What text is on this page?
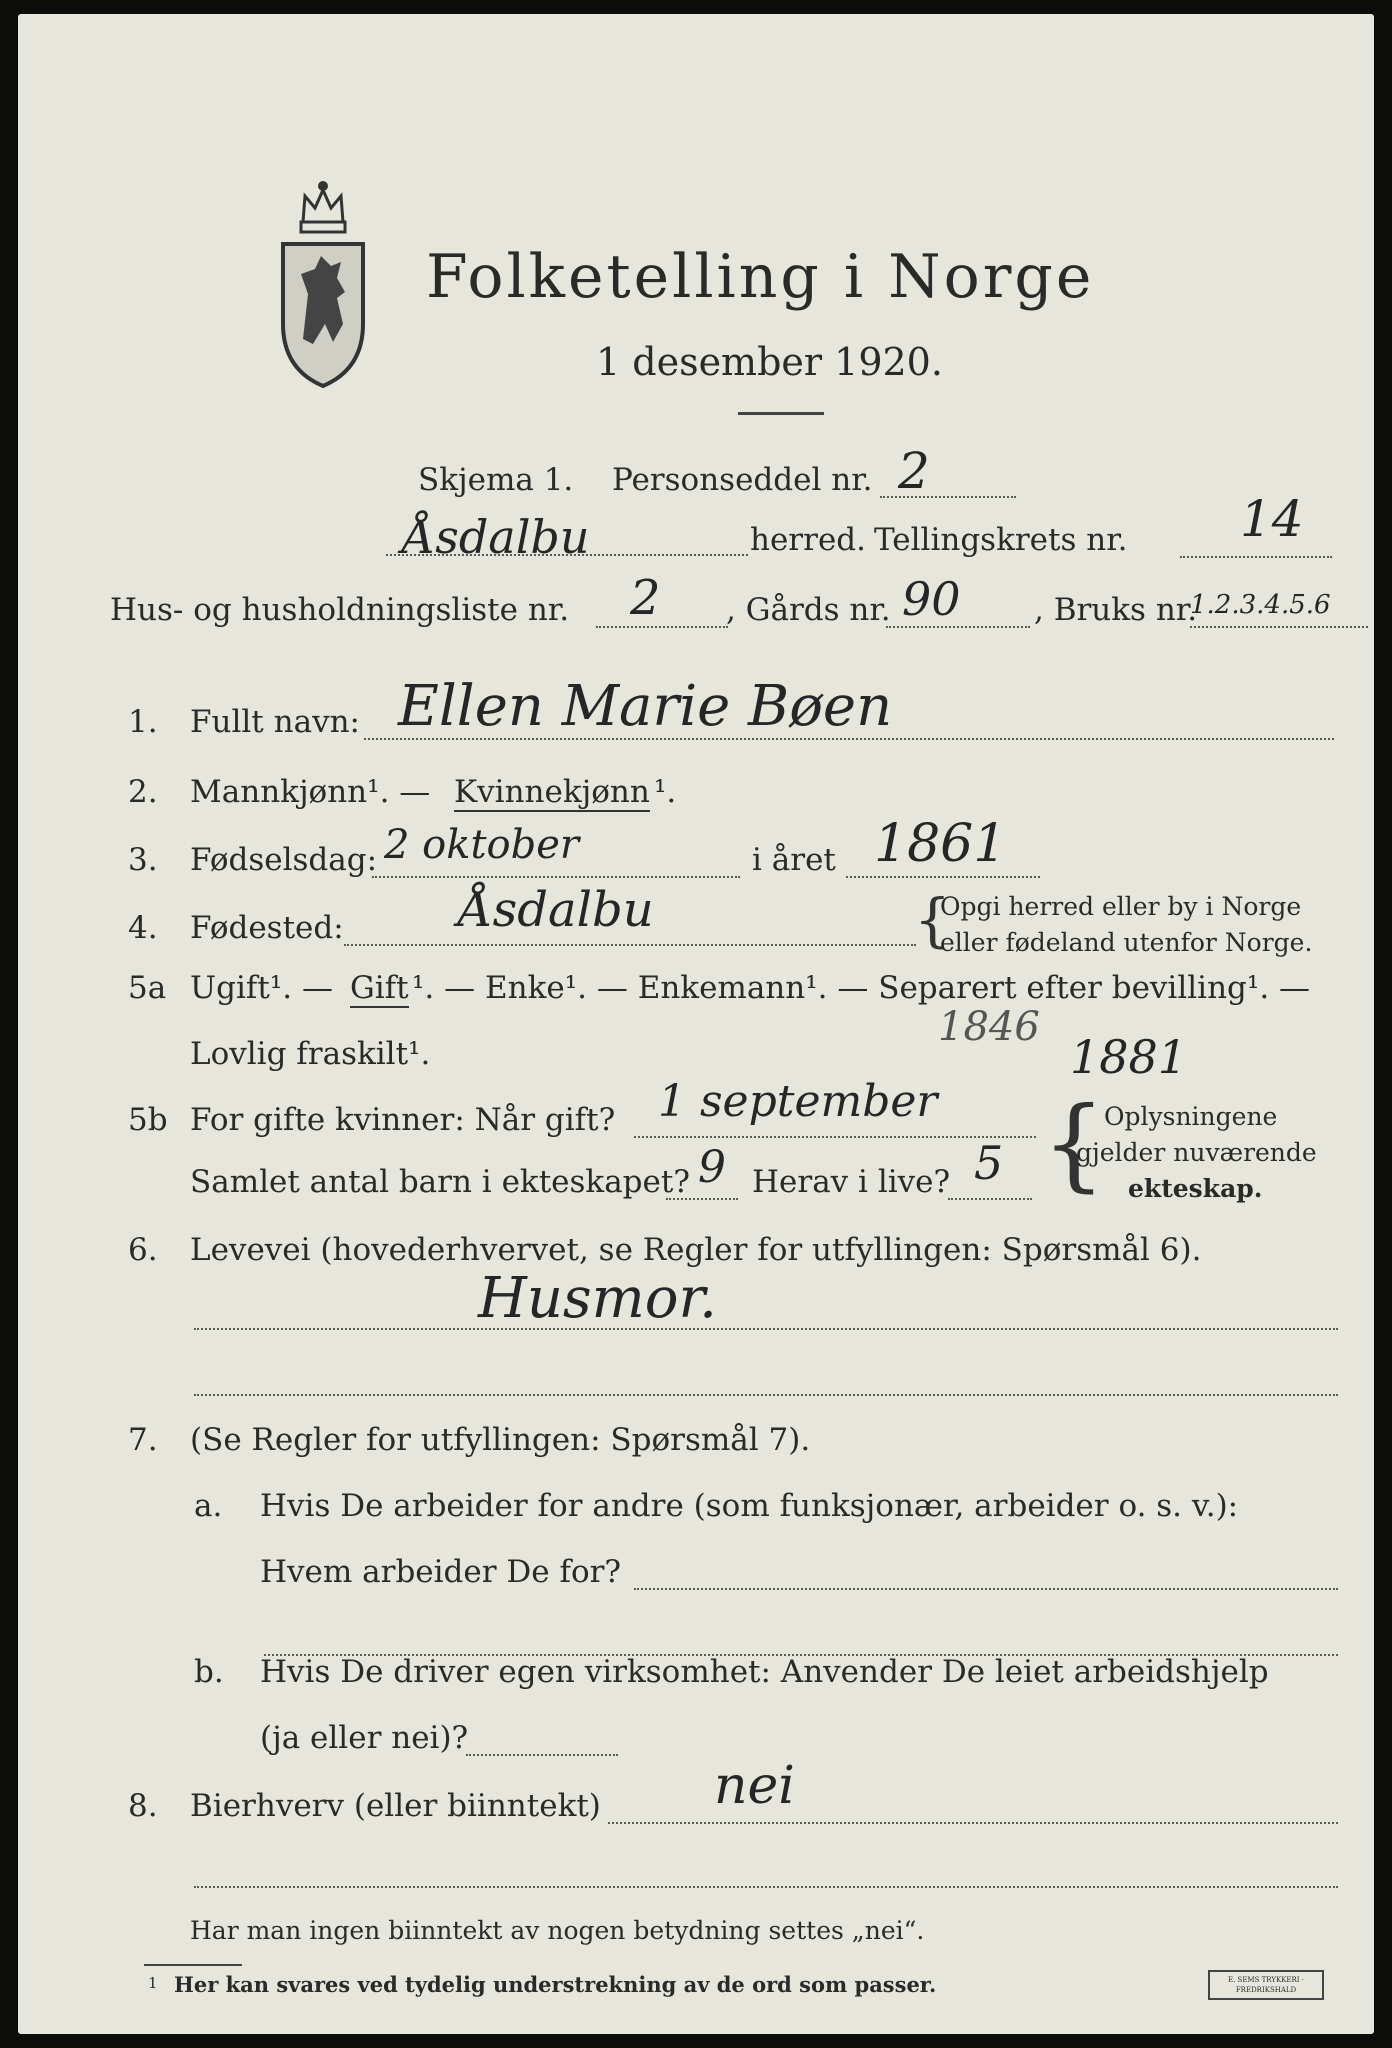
Folketelling i Norge
1 desember 1920.
Skjema 1. Personseddel nr. 2
Åsdalbu	herred. Tellingskrets nr. 14
Hus- og husholdningsliste nr. 2 , Gårds nr. 90 , Bruks nr.
1.2.3.4.5.6
1. Fullt navn: Ellen Marie Bøen
2. Mannkjønn¹. — Kvinnekjønn ¹.
3. Fødselsdag: 2 oktober	i året 1861
4. Fødested: Åsdalbu	{
Opgi herred eller by i Norge
eller fødeland utenfor Norge.
5a Ugift¹. — Gift ¹. — Enke¹. — Enkemann¹. — Separert efter bevilling¹. —
1846
Lovlig fraskilt¹.
5b For gifte kvinner: Når gift? 1 september
1881
Samlet antal barn i ekteskapet? 9 Herav i live? 5 {
Oplysningene
gjelder nuværende
ekteskap.
6. Levevei (hovederhvervet, se Regler for utfyllingen: Spørsmål 6).
Husmor.
7. (Se Regler for utfyllingen: Spørsmål 7).
a. Hvis De arbeider for andre (som funksjonær, arbeider o. s. v.):
Hvem arbeider De for?
b. Hvis De driver egen virksomhet: Anvender De leiet arbeidshjelp
(ja eller nei)?
8. Bierhverv (eller biinntekt) nei
Har man ingen biinntekt av nogen betydning settes „nei“.
1 Her kan svares ved tydelig understrekning av de ord som passer.	E. SEMS TRYKKERI · FREDRIKSHALD
